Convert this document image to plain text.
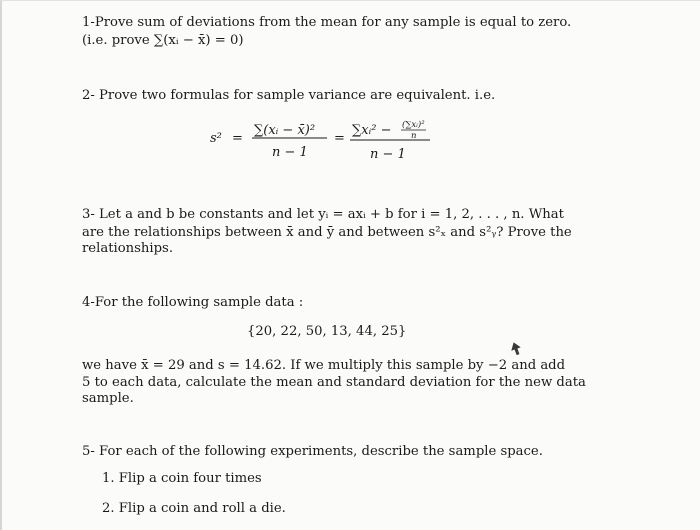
1-Prove sum of deviations from the mean for any sample is equal to zero.
(i.e. prove ∑(xᵢ − x̄) = 0)
2- Prove two formulas for sample variance are equivalent. i.e.
s² =
∑(xᵢ − x̄)²
n − 1
=
∑xᵢ² − (∑xᵢ)²
n
n − 1
3- Let a and b be constants and let yᵢ = axᵢ + b for i = 1, 2, . . . , n. What
are the relationships between x̄ and ȳ and between s²ₓ and s²ᵧ? Prove the
relationships.
4-For the following sample data :
{20, 22, 50, 13, 44, 25}
we have x̄ = 29 and s = 14.62. If we multiply this sample by −2 and add
5 to each data, calculate the mean and standard deviation for the new data
sample.
5- For each of the following experiments, describe the sample space.
1. Flip a coin four times
2. Flip a coin and roll a die.
